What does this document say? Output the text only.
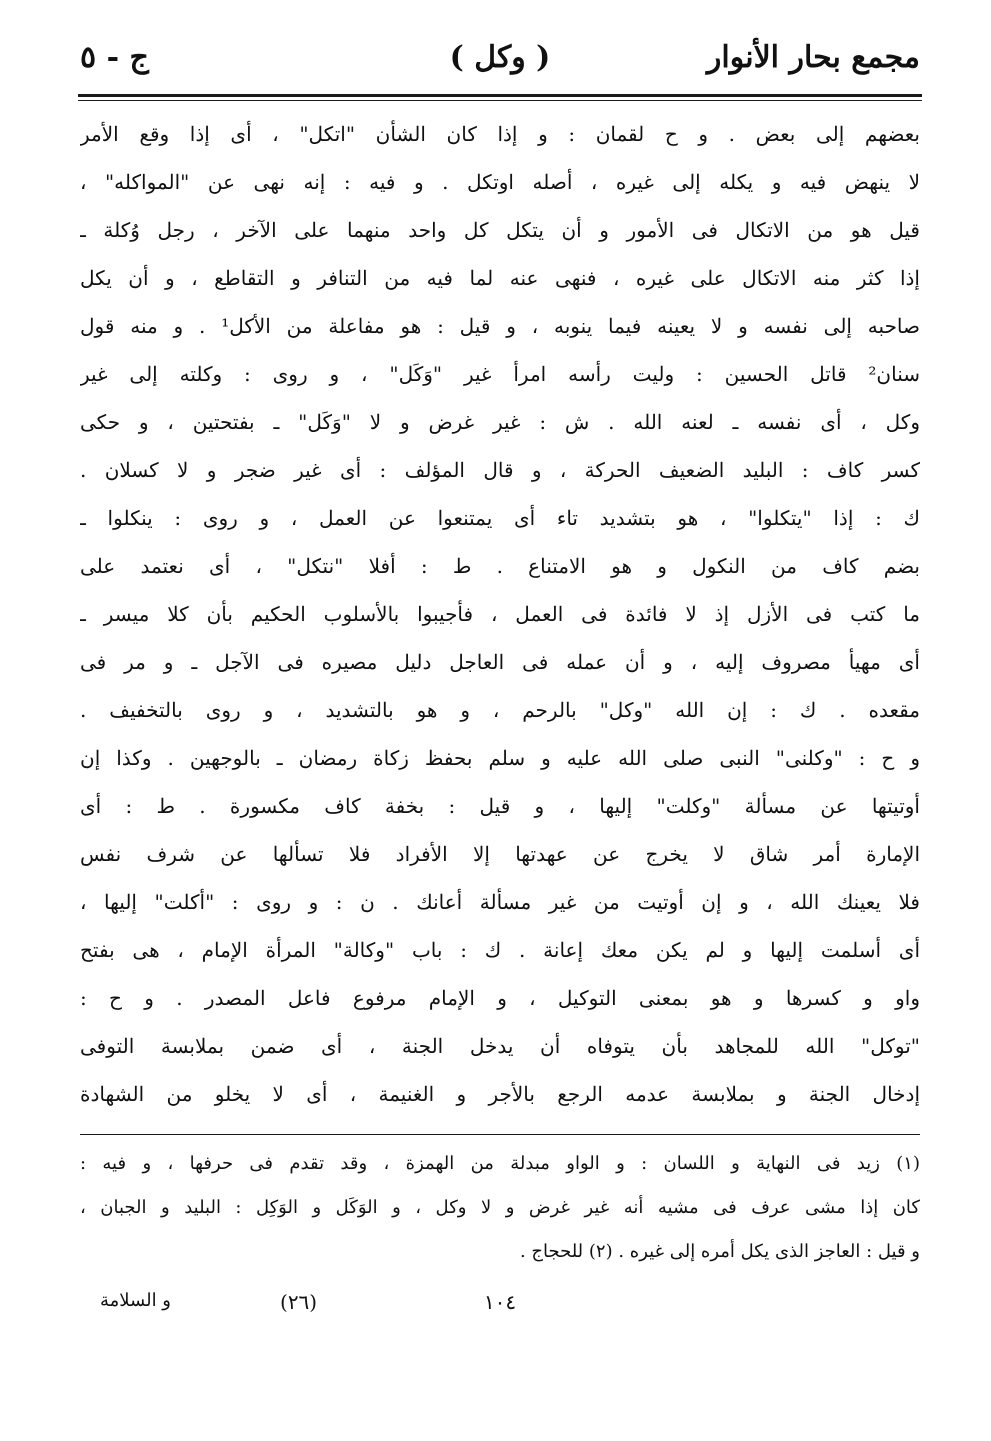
مجمع بحار الأنوار
( وكل )
ج - ٥
بعضهم إلى بعض . و ح لقمان : و إذا كان الشأن "اتكل" ، أى إذا وقع الأمر
لا ينهض فيه و يكله إلى غيره ، أصله اوتكل . و فيه : إنه نهى عن "المواكله" ،
قيل هو من الاتكال فى الأمور و أن يتكل كل واحد منهما على الآخر ، رجل وُكلة ـ
إذا كثر منه الاتكال على غيره ، فنهى عنه لما فيه من التنافر و التقاطع ، و أن يكل
صاحبه إلى نفسه و لا يعينه فيما ينوبه ، و قيل : هو مفاعلة من الأكل¹ . و منه قول
سنان² قاتل الحسين : وليت رأسه امرأ غير "وَكَل" ، و روى : وكلته إلى غير
وكل ، أى نفسه ـ لعنه الله . ش : غير غرض و لا "وَكَل" ـ بفتحتين ، و حكى
كسر كاف : البليد الضعيف الحركة ، و قال المؤلف : أى غير ضجر و لا كسلان .
ك : إذا "يتكلوا" ، هو بتشديد تاء أى يمتنعوا عن العمل ، و روى : ينكلوا ـ
بضم كاف من النكول و هو الامتناع . ط : أفلا "نتكل" ، أى نعتمد على
ما كتب فى الأزل إذ لا فائدة فى العمل ، فأجيبوا بالأسلوب الحكيم بأن كلا ميسر ـ
أى مهيأ مصروف إليه ، و أن عمله فى العاجل دليل مصيره فى الآجل ـ و مر فى
مقعده . ك : إن الله "وكل" بالرحم ، و هو بالتشديد ، و روى بالتخفيف .
و ح : "وكلنى" النبى صلى الله عليه و سلم بحفظ زكاة رمضان ـ بالوجهين . وكذا إن
أوتيتها عن مسألة "وكلت" إليها ، و قيل : بخفة كاف مكسورة . ط : أى
الإمارة أمر شاق لا يخرج عن عهدتها إلا الأفراد فلا تسألها عن شرف نفس
فلا يعينك الله ، و إن أوتيت من غير مسألة أعانك . ن : و روى : "أكلت" إليها ،
أى أسلمت إليها و لم يكن معك إعانة . ك : باب "وكالة" المرأة الإمام ، هى بفتح
واو و كسرها و هو بمعنى التوكيل ، و الإمام مرفوع فاعل المصدر . و ح :
"توكل" الله للمجاهد بأن يتوفاه أن يدخل الجنة ، أى ضمن بملابسة التوفى
إدخال الجنة و بملابسة عدمه الرجع بالأجر و الغنيمة ، أى لا يخلو من الشهادة
(١) زيد فى النهاية و اللسان : و الواو مبدلة من الهمزة ، وقد تقدم فى حرفها ، و فيه :
كان إذا مشى عرف فى مشيه أنه غير غرض و لا وكل ، و الوَكَل و الوَكِل : البليد و الجبان ،
و قيل : العاجز الذى يكل أمره إلى غيره . (٢) للحجاج .
١٠٤
(٢٦)
و السلامة
